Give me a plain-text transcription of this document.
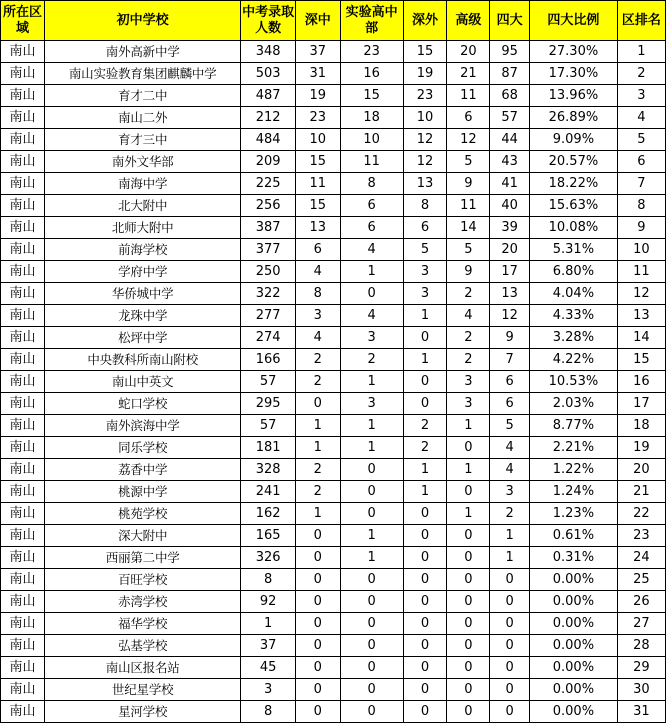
所在区域	初中学校	中考录取人数	深中	实验高中部	深外	高级	四大	四大比例	区排名
南山	南外高新中学	348	37	23	15	20	95	27.30%	1
南山	南山实验教育集团麒麟中学	503	31	16	19	21	87	17.30%	2
南山	育才二中	487	19	15	23	11	68	13.96%	3
南山	南山二外	212	23	18	10	6	57	26.89%	4
南山	育才三中	484	10	10	12	12	44	9.09%	5
南山	南外文华部	209	15	11	12	5	43	20.57%	6
南山	南海中学	225	11	8	13	9	41	18.22%	7
南山	北大附中	256	15	6	8	11	40	15.63%	8
南山	北师大附中	387	13	6	6	14	39	10.08%	9
南山	前海学校	377	6	4	5	5	20	5.31%	10
南山	学府中学	250	4	1	3	9	17	6.80%	11
南山	华侨城中学	322	8	0	3	2	13	4.04%	12
南山	龙珠中学	277	3	4	1	4	12	4.33%	13
南山	松坪中学	274	4	3	0	2	9	3.28%	14
南山	中央教科所南山附校	166	2	2	1	2	7	4.22%	15
南山	南山中英文	57	2	1	0	3	6	10.53%	16
南山	蛇口学校	295	0	3	0	3	6	2.03%	17
南山	南外滨海中学	57	1	1	2	1	5	8.77%	18
南山	同乐学校	181	1	1	2	0	4	2.21%	19
南山	荔香中学	328	2	0	1	1	4	1.22%	20
南山	桃源中学	241	2	0	1	0	3	1.24%	21
南山	桃苑学校	162	1	0	0	1	2	1.23%	22
南山	深大附中	165	0	1	0	0	1	0.61%	23
南山	西丽第二中学	326	0	1	0	0	1	0.31%	24
南山	百旺学校	8	0	0	0	0	0	0.00%	25
南山	赤湾学校	92	0	0	0	0	0	0.00%	26
南山	福华学校	1	0	0	0	0	0	0.00%	27
南山	弘基学校	37	0	0	0	0	0	0.00%	28
南山	南山区报名站	45	0	0	0	0	0	0.00%	29
南山	世纪星学校	3	0	0	0	0	0	0.00%	30
南山	星河学校	8	0	0	0	0	0	0.00%	31
